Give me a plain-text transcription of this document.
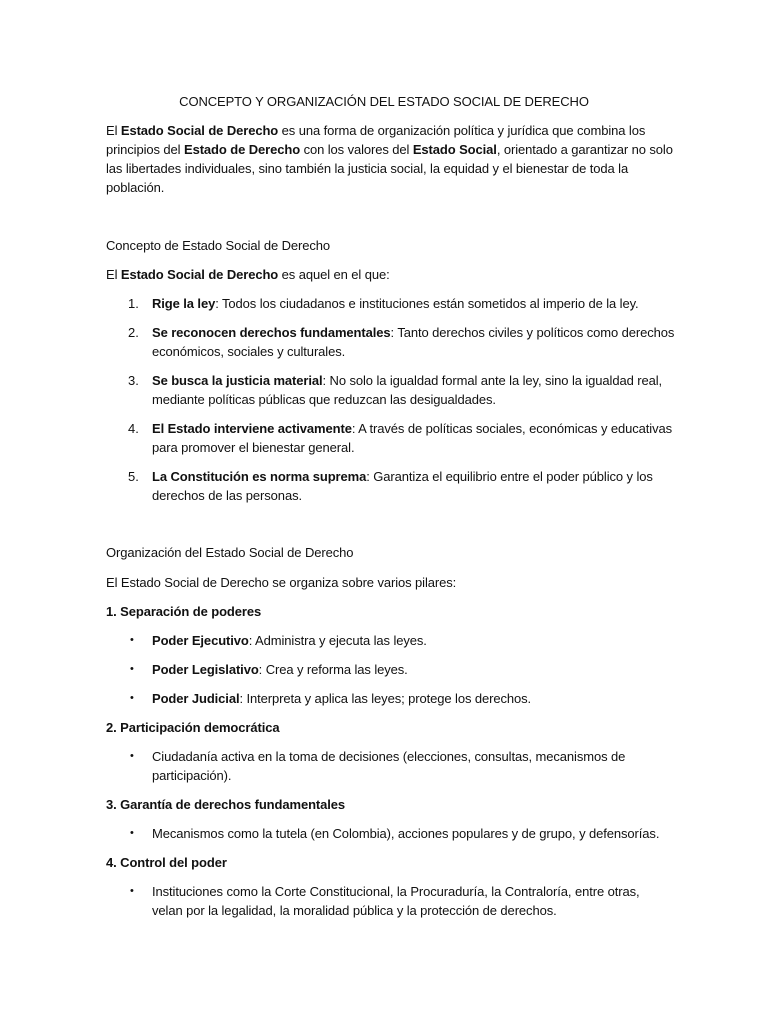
CONCEPTO Y ORGANIZACIÓN DEL ESTADO SOCIAL DE DERECHO
El Estado Social de Derecho es una forma de organización política y jurídica que combina los
principios del Estado de Derecho con los valores del Estado Social, orientado a garantizar no solo
las libertades individuales, sino también la justicia social, la equidad y el bienestar de toda la
población.
Concepto de Estado Social de Derecho
El Estado Social de Derecho es aquel en el que:
1. Rige la ley: Todos los ciudadanos e instituciones están sometidos al imperio de la ley.
2. Se reconocen derechos fundamentales: Tanto derechos civiles y políticos como derechos
económicos, sociales y culturales.
3. Se busca la justicia material: No solo la igualdad formal ante la ley, sino la igualdad real,
mediante políticas públicas que reduzcan las desigualdades.
4. El Estado interviene activamente: A través de políticas sociales, económicas y educativas
para promover el bienestar general.
5. La Constitución es norma suprema: Garantiza el equilibrio entre el poder público y los
derechos de las personas.
Organización del Estado Social de Derecho
El Estado Social de Derecho se organiza sobre varios pilares:
1. Separación de poderes
• Poder Ejecutivo: Administra y ejecuta las leyes.
• Poder Legislativo: Crea y reforma las leyes.
• Poder Judicial: Interpreta y aplica las leyes; protege los derechos.
2. Participación democrática
• Ciudadanía activa en la toma de decisiones (elecciones, consultas, mecanismos de
participación).
3. Garantía de derechos fundamentales
• Mecanismos como la tutela (en Colombia), acciones populares y de grupo, y defensorías.
4. Control del poder
• Instituciones como la Corte Constitucional, la Procuraduría, la Contraloría, entre otras,
velan por la legalidad, la moralidad pública y la protección de derechos.
